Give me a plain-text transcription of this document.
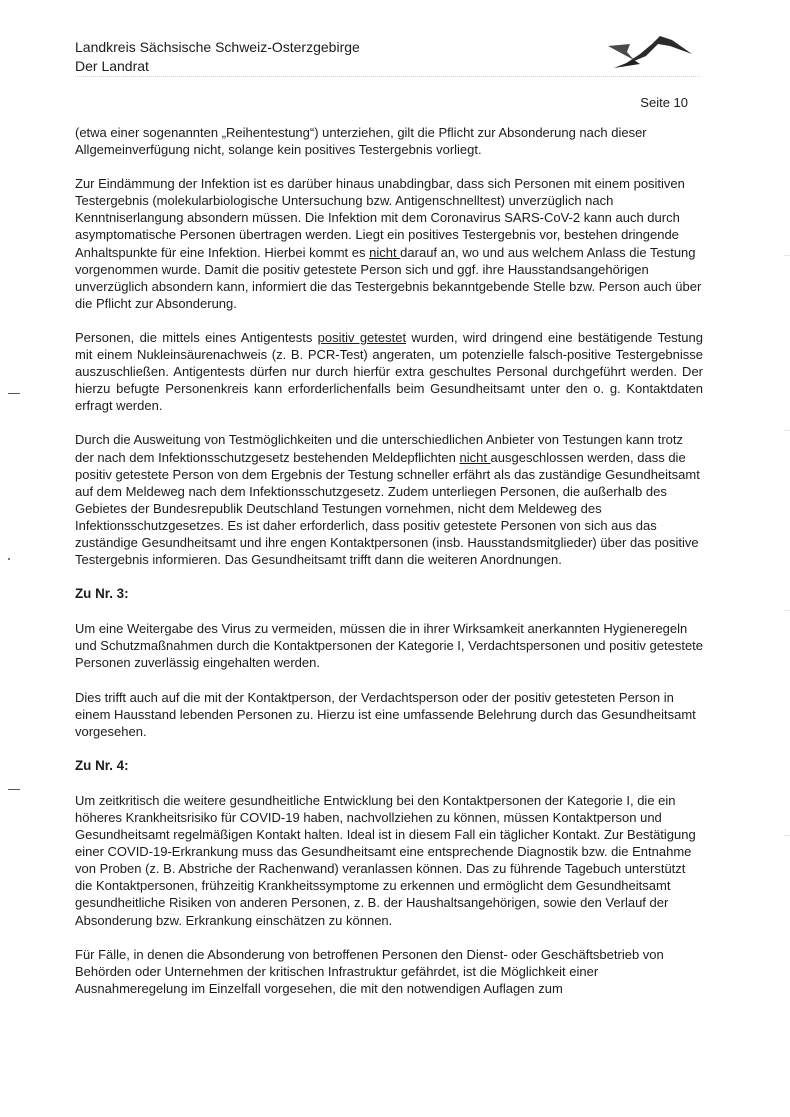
Landkreis Sächsische Schweiz-Osterzgebirge
Der Landrat
Seite 10

(etwa einer sogenannten „Reihentestung“) unterziehen, gilt die Pflicht zur Absonderung nach dieser Allgemeinverfügung nicht, solange kein positives Testergebnis vorliegt.

Zur Eindämmung der Infektion ist es darüber hinaus unabdingbar, dass sich Personen mit einem positiven Testergebnis (molekularbiologische Untersuchung bzw. Antigenschnelltest) unverzüglich nach Kenntniserlangung absondern müssen. Die Infektion mit dem Coronavirus SARS-CoV-2 kann auch durch asymptomatische Personen übertragen werden. Liegt ein positives Testergebnis vor, bestehen dringende Anhaltspunkte für eine Infektion. Hierbei kommt es nicht darauf an, wo und aus welchem Anlass die Testung vorgenommen wurde. Damit die positiv getestete Person sich und ggf. ihre Hausstandsangehörigen unverzüglich absondern kann, informiert die das Testergebnis bekanntgebende Stelle bzw. Person auch über die Pflicht zur Absonderung.

Personen, die mittels eines Antigentests positiv getestet wurden, wird dringend eine bestätigende Testung mit einem Nukleinsäurenachweis (z. B. PCR-Test) angeraten, um potenzielle falsch-positive Testergebnisse auszuschließen. Antigentests dürfen nur durch hierfür extra geschultes Personal durchgeführt werden. Der hierzu befugte Personenkreis kann erforderlichenfalls beim Gesundheitsamt unter den o. g. Kontaktdaten erfragt werden.

Durch die Ausweitung von Testmöglichkeiten und die unterschiedlichen Anbieter von Testungen kann trotz der nach dem Infektionsschutzgesetz bestehenden Meldepflichten nicht ausgeschlossen werden, dass die positiv getestete Person von dem Ergebnis der Testung schneller erfährt als das zuständige Gesundheitsamt auf dem Meldeweg nach dem Infektionsschutzgesetz. Zudem unterliegen Personen, die außerhalb des Gebietes der Bundesrepublik Deutschland Testungen vornehmen, nicht dem Meldeweg des Infektionsschutzgesetzes. Es ist daher erforderlich, dass positiv getestete Personen von sich aus das zuständige Gesundheitsamt und ihre engen Kontaktpersonen (insb. Hausstandsmitglieder) über das positive Testergebnis informieren. Das Gesundheitsamt trifft dann die weiteren Anordnungen.

Zu Nr. 3:

Um eine Weitergabe des Virus zu vermeiden, müssen die in ihrer Wirksamkeit anerkannten Hygieneregeln und Schutzmaßnahmen durch die Kontaktpersonen der Kategorie I, Verdachtspersonen und positiv getestete Personen zuverlässig eingehalten werden.

Dies trifft auch auf die mit der Kontaktperson, der Verdachtsperson oder der positiv getesteten Person in einem Hausstand lebenden Personen zu. Hierzu ist eine umfassende Belehrung durch das Gesundheitsamt vorgesehen.

Zu Nr. 4:

Um zeitkritisch die weitere gesundheitliche Entwicklung bei den Kontaktpersonen der Kategorie I, die ein höheres Krankheitsrisiko für COVID-19 haben, nachvollziehen zu können, müssen Kontaktperson und Gesundheitsamt regelmäßigen Kontakt halten. Ideal ist in diesem Fall ein täglicher Kontakt. Zur Bestätigung einer COVID-19-Erkrankung muss das Gesundheitsamt eine entsprechende Diagnostik bzw. die Entnahme von Proben (z. B. Abstriche der Rachenwand) veranlassen können. Das zu führende Tagebuch unterstützt die Kontaktpersonen, frühzeitig Krankheitssymptome zu erkennen und ermöglicht dem Gesundheitsamt gesundheitliche Risiken von anderen Personen, z. B. der Haushaltsangehörigen, sowie den Verlauf der Absonderung bzw. Erkrankung einschätzen zu können.

Für Fälle, in denen die Absonderung von betroffenen Personen den Dienst- oder Geschäftsbetrieb von Behörden oder Unternehmen der kritischen Infrastruktur gefährdet, ist die Möglichkeit einer Ausnahmeregelung im Einzelfall vorgesehen, die mit den notwendigen Auflagen zum
